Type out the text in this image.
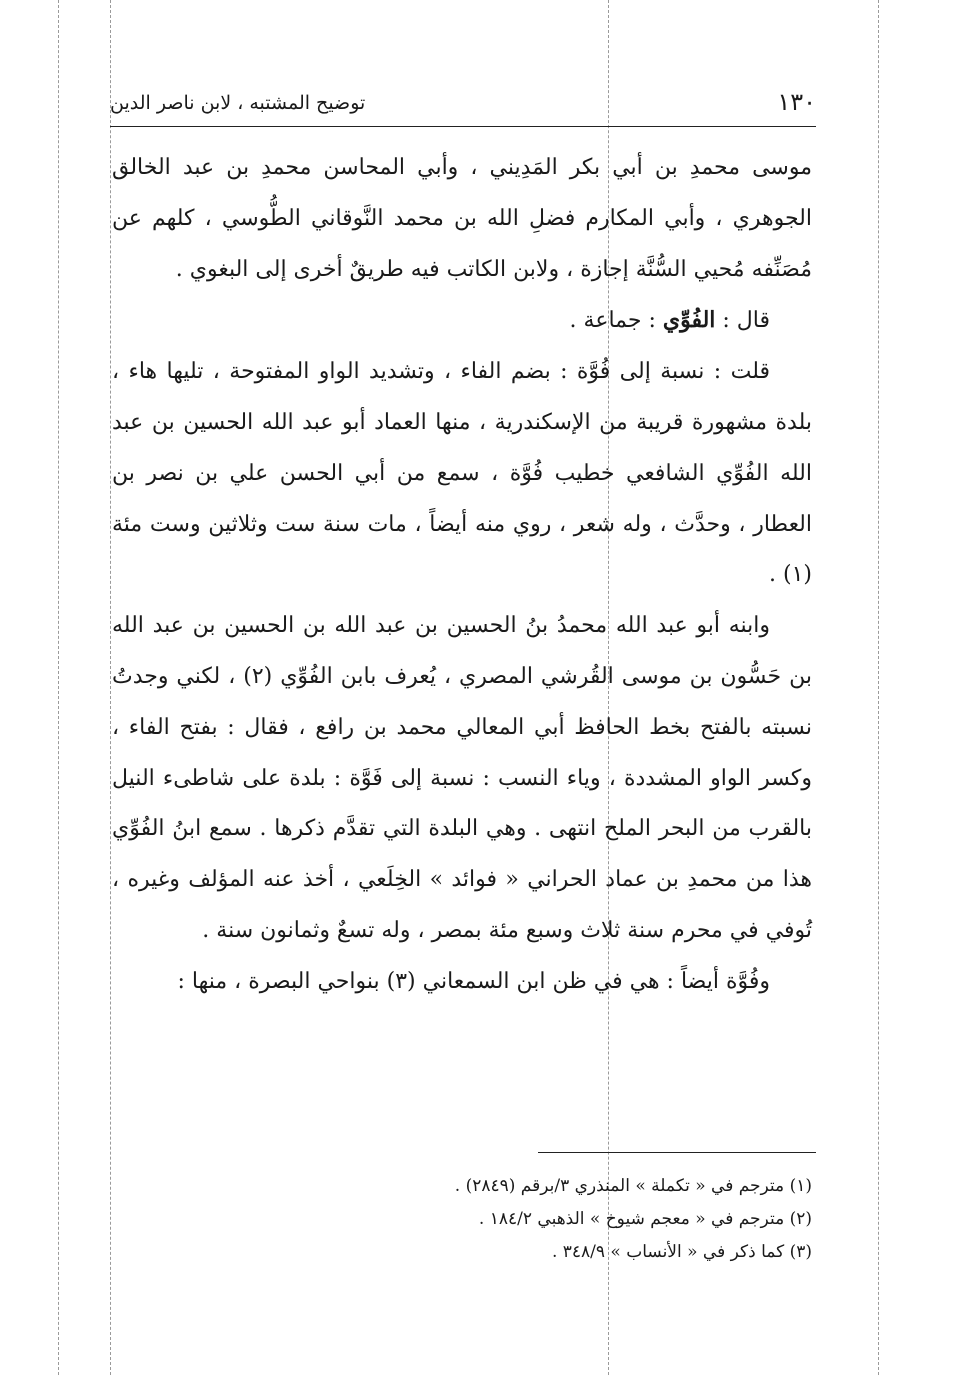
١٣٠
توضيح المشتبه ، لابن ناصر الدين

موسى محمدِ بن أبي بكر المَدِيني ، وأبي المحاسن محمدِ بن عبد الخالق الجوهري ، وأبي المكارم فضلِ الله بن محمد النَّوقاني الطُّوسي ، كلهم عن مُصَنِّفه مُحيي السُّنَّة إجازة ، ولابن الكاتب فيه طريقٌ أخرى إلى البغوي .

قال : الفُوِّي : جماعة .

قلت : نسبة إلى فُوَّة : بضم الفاء ، وتشديد الواو المفتوحة ، تليها هاء ، بلدة مشهورة قريبة من الإسكندرية ، منها العماد أبو عبد الله الحسين بن عبد الله الفُوِّي الشافعي خطيب فُوَّة ، سمع من أبي الحسن علي بن نصر بن العطار ، وحدَّث ، وله شعر ، روي منه أيضاً ، مات سنة ست وثلاثين وست مئة (١) .

وابنه أبو عبد الله محمدُ بنُ الحسين بن عبد الله بن الحسين بن عبد الله بن حَسُّون بن موسى القُرشي المصري ، يُعرف بابن الفُوِّي (٢) ، لكني وجدتُ نسبته بالفتح بخط الحافظ أبي المعالي محمد بن رافع ، فقال : بفتح الفاء ، وكسر الواو المشددة ، وياء النسب : نسبة إلى فَوَّة : بلدة على شاطىء النيل بالقرب من البحر الملح انتهى . وهي البلدة التي تقدَّم ذكرها . سمع ابنُ الفُوِّي هذا من محمدِ بن عماد الحراني « فوائد » الخِلَعي ، أخذ عنه المؤلف وغيره ، تُوفي في محرم سنة ثلاث وسبع مئة بمصر ، وله تسعٌ وثمانون سنة .

وفُوَّة أيضاً : هي في ظن ابن السمعاني (٣) بنواحي البصرة ، منها :

(١) مترجم في « تكملة » المنذري ٣/برقم (٢٨٤٩) .

(٢) مترجم في « معجم شيوخ » الذهبي ١٨٤/٢ .

(٣) كما ذكر في « الأنساب » ٣٤٨/٩ .
